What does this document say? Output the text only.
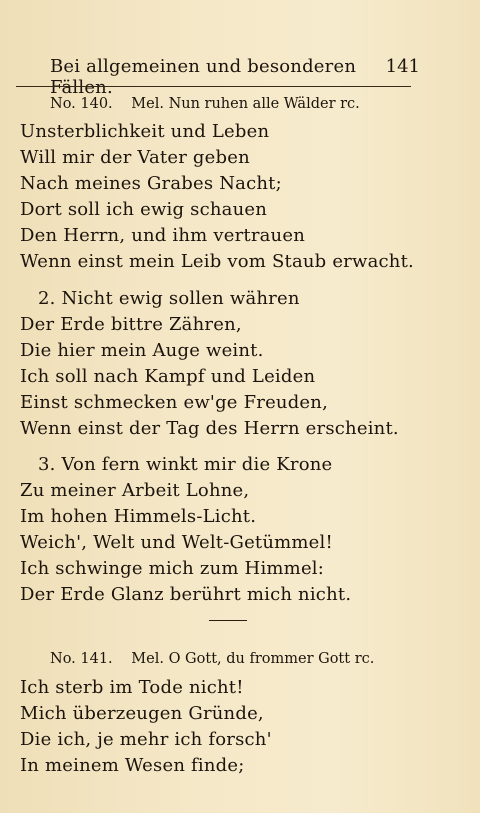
Bei allgemeinen und besonderen Fällen.
141
No. 140. Mel. Nun ruhen alle Wälder rc.
Unsterblichkeit und Leben
Will mir der Vater geben
Nach meines Grabes Nacht;
Dort soll ich ewig schauen
Den Herrn, und ihm vertrauen
Wenn einst mein Leib vom Staub erwacht.
2. Nicht ewig sollen währen
Der Erde bittre Zähren,
Die hier mein Auge weint.
Ich soll nach Kampf und Leiden
Einst schmecken ew'ge Freuden,
Wenn einst der Tag des Herrn erscheint.
3. Von fern winkt mir die Krone
Zu meiner Arbeit Lohne,
Im hohen Himmels-Licht.
Weich', Welt und Welt-Getümmel!
Ich schwinge mich zum Himmel:
Der Erde Glanz berührt mich nicht.
No. 141. Mel. O Gott, du frommer Gott rc.
Ich sterb im Tode nicht!
Mich überzeugen Gründe,
Die ich, je mehr ich forsch'
In meinem Wesen finde;
